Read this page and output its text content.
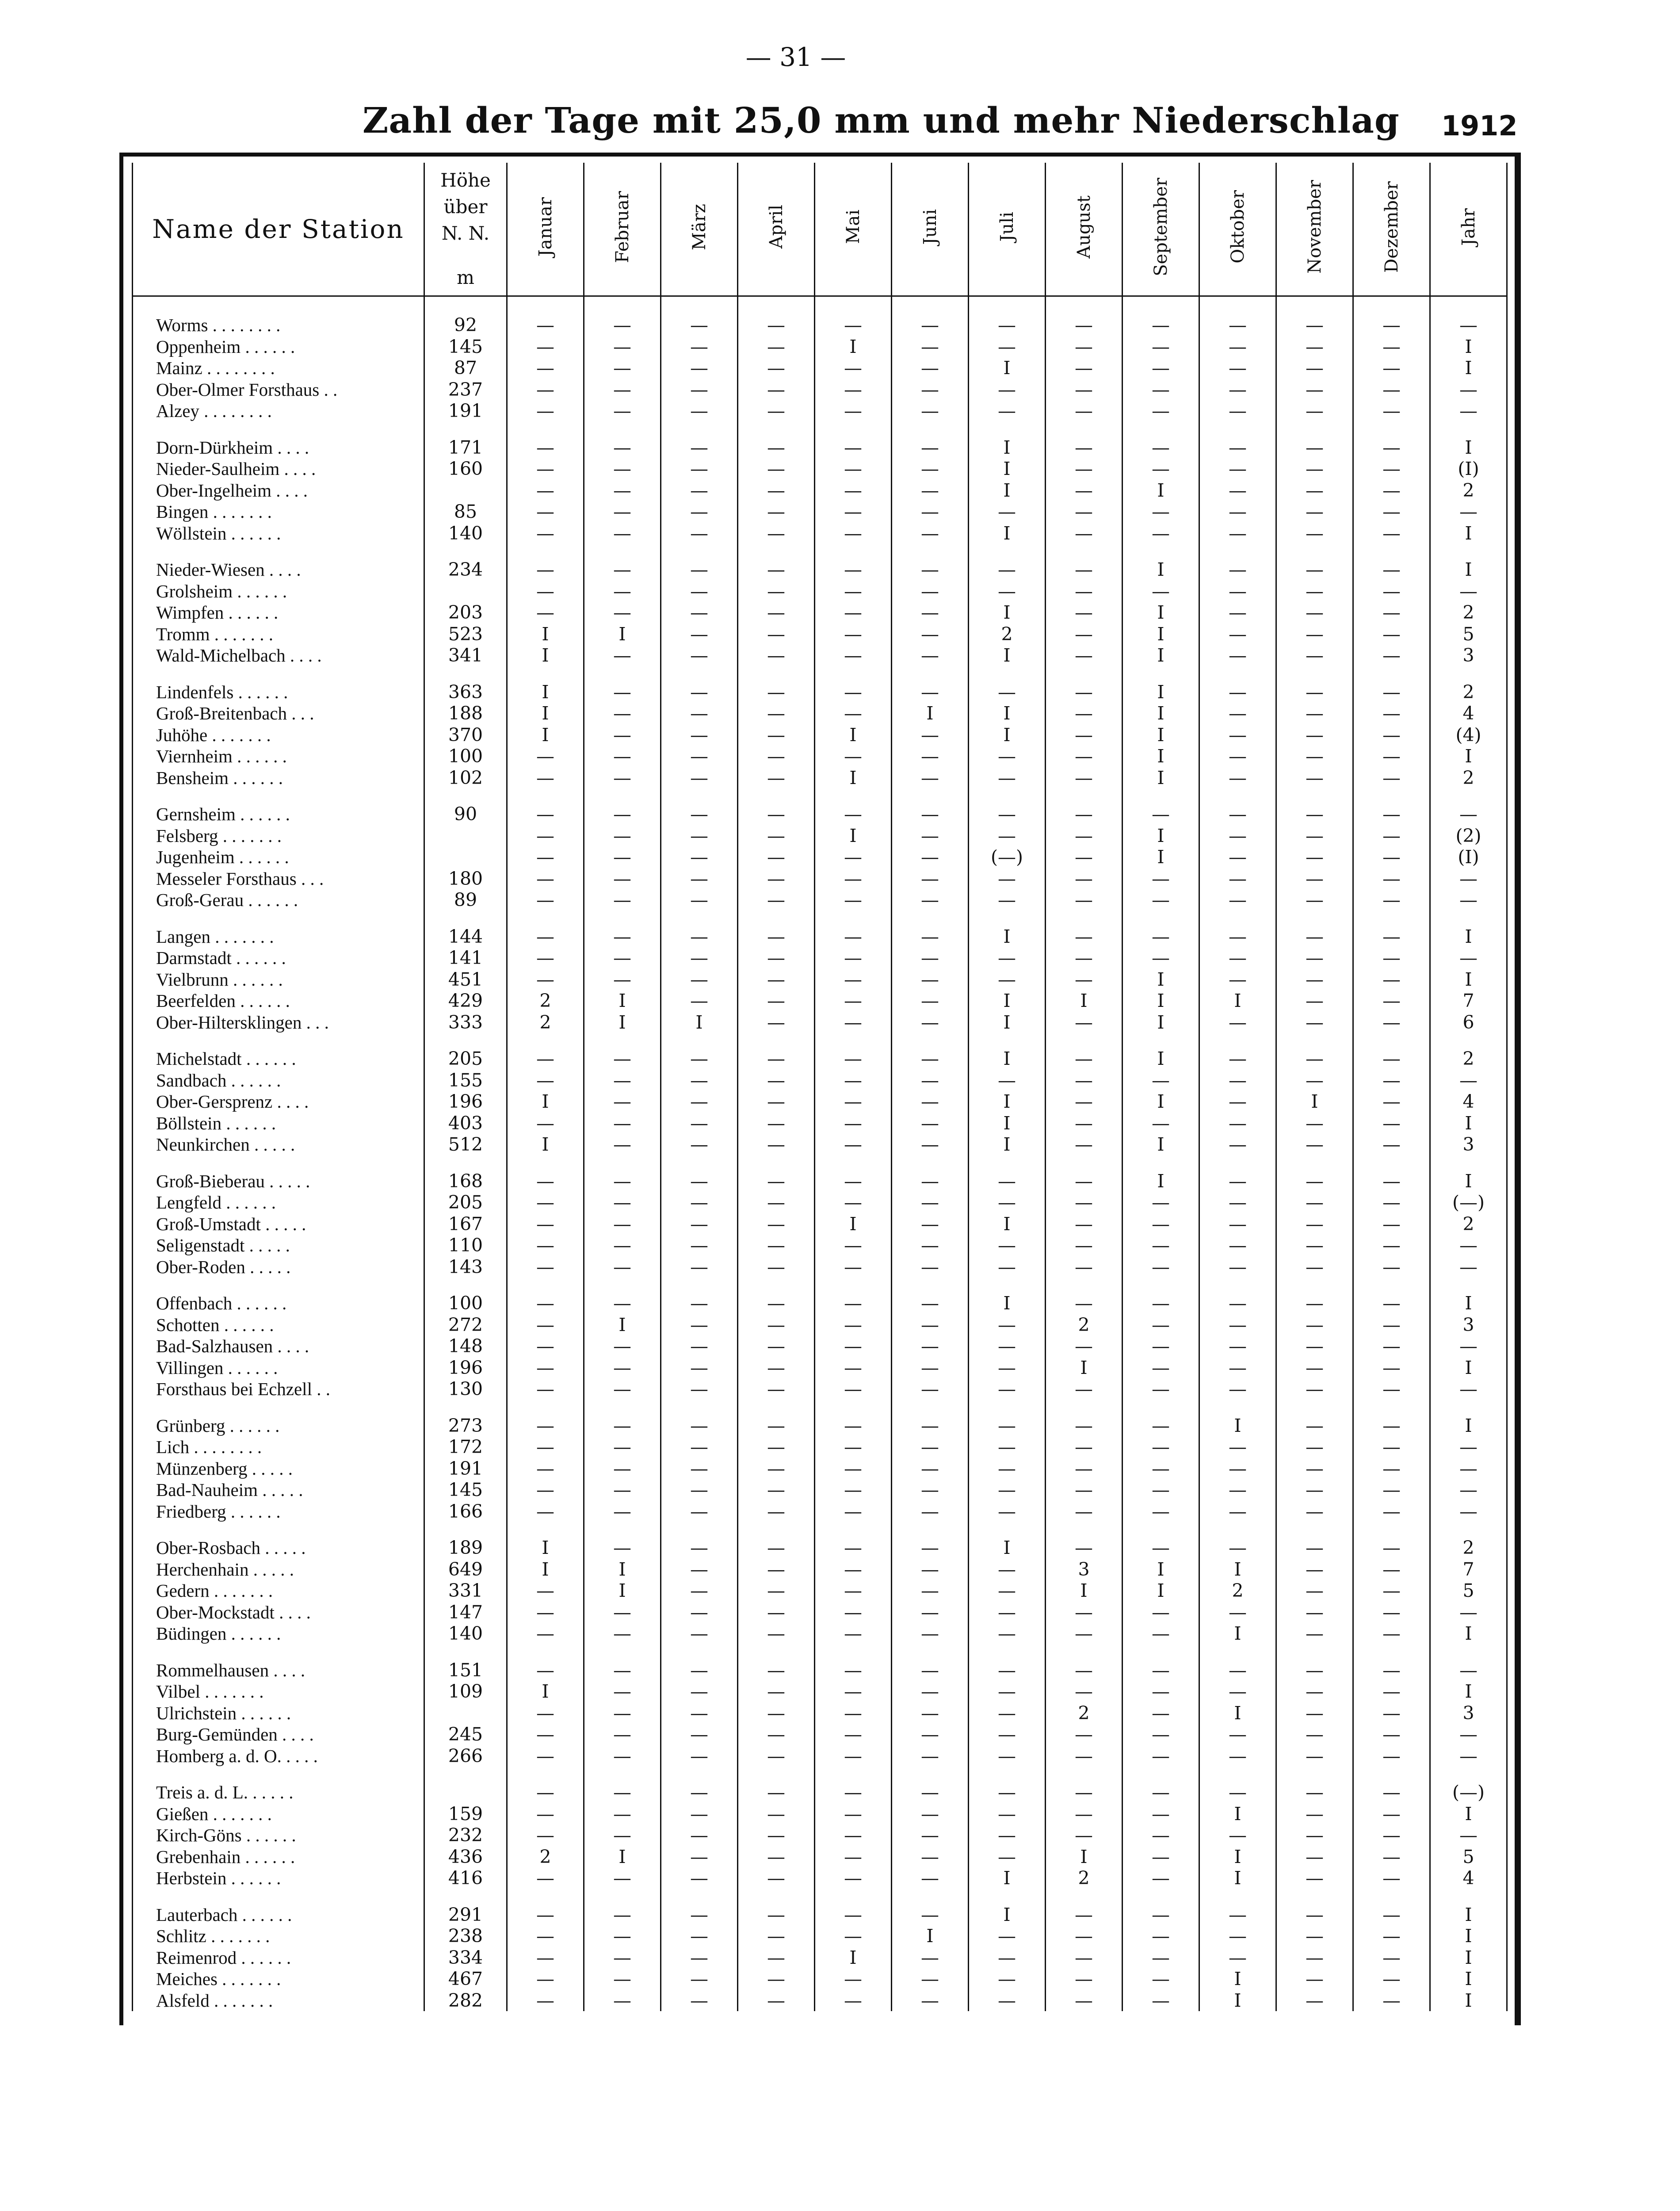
— 31 —
Zahl der Tage mit 25,0 mm und mehr Niederschlag 1912
Name der Station	Höhe
über
N. N.
m	Januar	Februar	März	April	Mai	Juni	Juli	August	September	Oktober	November	Dezember	Jahr

Worms . . . . . . . .	92	—	—	—	—	—	—	—	—	—	—	—	—	—
Oppenheim . . . . . .	145	—	—	—	—	I	—	—	—	—	—	—	—	I
Mainz . . . . . . . .	87	—	—	—	—	—	—	I	—	—	—	—	—	I
Ober-Olmer Forsthaus . .	237	—	—	—	—	—	—	—	—	—	—	—	—	—
Alzey . . . . . . . .	191	—	—	—	—	—	—	—	—	—	—	—	—	—

Dorn-Dürkheim . . . .	171	—	—	—	—	—	—	I	—	—	—	—	—	I
Nieder-Saulheim . . . .	160	—	—	—	—	—	—	I	—	—	—	—	—	(I)
Ober-Ingelheim . . . .		—	—	—	—	—	—	I	—	I	—	—	—	2
Bingen . . . . . . .	85	—	—	—	—	—	—	—	—	—	—	—	—	—
Wöllstein . . . . . .	140	—	—	—	—	—	—	I	—	—	—	—	—	I

Nieder-Wiesen . . . .	234	—	—	—	—	—	—	—	—	I	—	—	—	I
Grolsheim . . . . . .		—	—	—	—	—	—	—	—	—	—	—	—	—
Wimpfen . . . . . .	203	—	—	—	—	—	—	I	—	I	—	—	—	2
Tromm . . . . . . .	523	I	I	—	—	—	—	2	—	I	—	—	—	5
Wald-Michelbach . . . .	341	I	—	—	—	—	—	I	—	I	—	—	—	3

Lindenfels . . . . . .	363	I	—	—	—	—	—	—	—	I	—	—	—	2
Groß-Breitenbach . . .	188	I	—	—	—	—	I	I	—	I	—	—	—	4
Juhöhe . . . . . . .	370	I	—	—	—	I	—	I	—	I	—	—	—	(4)
Viernheim . . . . . .	100	—	—	—	—	—	—	—	—	I	—	—	—	I
Bensheim . . . . . .	102	—	—	—	—	I	—	—	—	I	—	—	—	2

Gernsheim . . . . . .	90	—	—	—	—	—	—	—	—	—	—	—	—	—
Felsberg . . . . . . .		—	—	—	—	I	—	—	—	I	—	—	—	(2)
Jugenheim . . . . . .		—	—	—	—	—	—	(—)	—	I	—	—	—	(I)
Messeler Forsthaus . . .	180	—	—	—	—	—	—	—	—	—	—	—	—	—
Groß-Gerau . . . . . .	89	—	—	—	—	—	—	—	—	—	—	—	—	—

Langen . . . . . . .	144	—	—	—	—	—	—	I	—	—	—	—	—	I
Darmstadt . . . . . .	141	—	—	—	—	—	—	—	—	—	—	—	—	—
Vielbrunn . . . . . .	451	—	—	—	—	—	—	—	—	I	—	—	—	I
Beerfelden . . . . . .	429	2	I	—	—	—	—	I	I	I	I	—	—	7
Ober-Hiltersklingen . . .	333	2	I	I	—	—	—	I	—	I	—	—	—	6

Michelstadt . . . . . .	205	—	—	—	—	—	—	I	—	I	—	—	—	2
Sandbach . . . . . .	155	—	—	—	—	—	—	—	—	—	—	—	—	—
Ober-Gersprenz . . . .	196	I	—	—	—	—	—	I	—	I	—	I	—	4
Böllstein . . . . . .	403	—	—	—	—	—	—	I	—	—	—	—	—	I
Neunkirchen . . . . .	512	I	—	—	—	—	—	I	—	I	—	—	—	3

Groß-Bieberau . . . . .	168	—	—	—	—	—	—	—	—	I	—	—	—	I
Lengfeld . . . . . .	205	—	—	—	—	—	—	—	—	—	—	—	—	(—)
Groß-Umstadt . . . . .	167	—	—	—	—	I	—	I	—	—	—	—	—	2
Seligenstadt . . . . .	110	—	—	—	—	—	—	—	—	—	—	—	—	—
Ober-Roden . . . . .	143	—	—	—	—	—	—	—	—	—	—	—	—	—

Offenbach . . . . . .	100	—	—	—	—	—	—	I	—	—	—	—	—	I
Schotten . . . . . .	272	—	I	—	—	—	—	—	2	—	—	—	—	3
Bad-Salzhausen . . . .	148	—	—	—	—	—	—	—	—	—	—	—	—	—
Villingen . . . . . .	196	—	—	—	—	—	—	—	I	—	—	—	—	I
Forsthaus bei Echzell . .	130	—	—	—	—	—	—	—	—	—	—	—	—	—

Grünberg . . . . . .	273	—	—	—	—	—	—	—	—	—	I	—	—	I
Lich . . . . . . . .	172	—	—	—	—	—	—	—	—	—	—	—	—	—
Münzenberg . . . . .	191	—	—	—	—	—	—	—	—	—	—	—	—	—
Bad-Nauheim . . . . .	145	—	—	—	—	—	—	—	—	—	—	—	—	—
Friedberg . . . . . .	166	—	—	—	—	—	—	—	—	—	—	—	—	—

Ober-Rosbach . . . . .	189	I	—	—	—	—	—	I	—	—	—	—	—	2
Herchenhain . . . . .	649	I	I	—	—	—	—	—	3	I	I	—	—	7
Gedern . . . . . . .	331	—	I	—	—	—	—	—	I	I	2	—	—	5
Ober-Mockstadt . . . .	147	—	—	—	—	—	—	—	—	—	—	—	—	—
Büdingen . . . . . .	140	—	—	—	—	—	—	—	—	—	I	—	—	I

Rommelhausen . . . .	151	—	—	—	—	—	—	—	—	—	—	—	—	—
Vilbel . . . . . . .	109	I	—	—	—	—	—	—	—	—	—	—	—	I
Ulrichstein . . . . . .		—	—	—	—	—	—	—	2	—	I	—	—	3
Burg-Gemünden . . . .	245	—	—	—	—	—	—	—	—	—	—	—	—	—
Homberg a. d. O. . . . .	266	—	—	—	—	—	—	—	—	—	—	—	—	—

Treis a. d. L. . . . . .		—	—	—	—	—	—	—	—	—	—	—	—	(—)
Gießen . . . . . . .	159	—	—	—	—	—	—	—	—	—	I	—	—	I
Kirch-Göns . . . . . .	232	—	—	—	—	—	—	—	—	—	—	—	—	—
Grebenhain . . . . . .	436	2	I	—	—	—	—	—	I	—	I	—	—	5
Herbstein . . . . . .	416	—	—	—	—	—	—	I	2	—	I	—	—	4

Lauterbach . . . . . .	291	—	—	—	—	—	—	I	—	—	—	—	—	I
Schlitz . . . . . . .	238	—	—	—	—	—	I	—	—	—	—	—	—	I
Reimenrod . . . . . .	334	—	—	—	—	I	—	—	—	—	—	—	—	I
Meiches . . . . . . .	467	—	—	—	—	—	—	—	—	—	I	—	—	I
Alsfeld . . . . . . .	282	—	—	—	—	—	—	—	—	—	I	—	—	I
